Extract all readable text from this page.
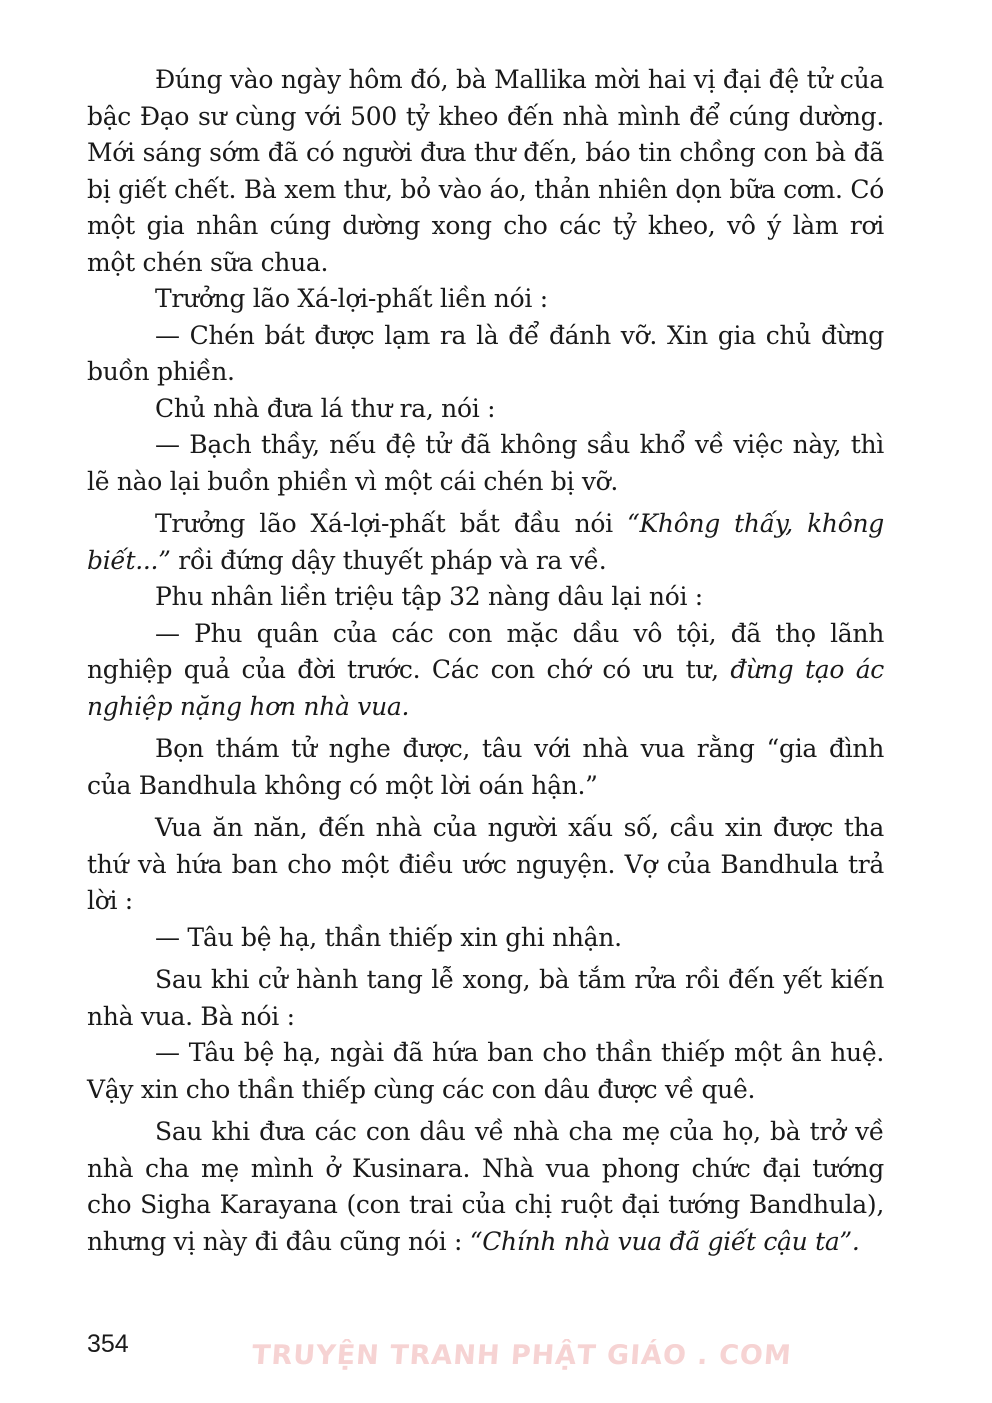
Đúng vào ngày hôm đó, bà Mallika mời hai vị đại đệ tử của bậc Đạo sư cùng với 500 tỷ kheo đến nhà mình để cúng dường. Mới sáng sớm đã có người đưa thư đến, báo tin chồng con bà đã bị giết chết. Bà xem thư, bỏ vào áo, thản nhiên dọn bữa cơm. Có một gia nhân cúng dường xong cho các tỷ kheo, vô ý làm rơi một chén sữa chua.

Trưởng lão Xá-lợi-phất liền nói :

— Chén bát được lạm ra là để đánh vỡ. Xin gia chủ đừng buồn phiền.

Chủ nhà đưa lá thư ra, nói :

— Bạch thầy, nếu đệ tử đã không sầu khổ về việc này, thì lẽ nào lại buồn phiền vì một cái chén bị vỡ.

Trưởng lão Xá-lợi-phất bắt đầu nói “Không thấy, không biết...” rồi đứng dậy thuyết pháp và ra về.

Phu nhân liền triệu tập 32 nàng dâu lại nói :

— Phu quân của các con mặc dầu vô tội, đã thọ lãnh nghiệp quả của đời trước. Các con chớ có ưu tư, đừng tạo ác nghiệp nặng hơn nhà vua.

Bọn thám tử nghe được, tâu với nhà vua rằng “gia đình của Bandhula không có một lời oán hận.”

Vua ăn năn, đến nhà của người xấu số, cầu xin được tha thứ và hứa ban cho một điều ước nguyện. Vợ của Bandhula trả lời :

— Tâu bệ hạ, thần thiếp xin ghi nhận.

Sau khi cử hành tang lễ xong, bà tắm rửa rồi đến yết kiến nhà vua. Bà nói :

— Tâu bệ hạ, ngài đã hứa ban cho thần thiếp một ân huệ. Vậy xin cho thần thiếp cùng các con dâu được về quê.

Sau khi đưa các con dâu về nhà cha mẹ của họ, bà trở về nhà cha mẹ mình ở Kusinara. Nhà vua phong chức đại tướng cho Sigha Karayana (con trai của chị ruột đại tướng Bandhula), nhưng vị này đi đâu cũng nói : “Chính nhà vua đã giết cậu ta”.

354	TRUYỆN TRANH PHẬT GIÁO . COM
